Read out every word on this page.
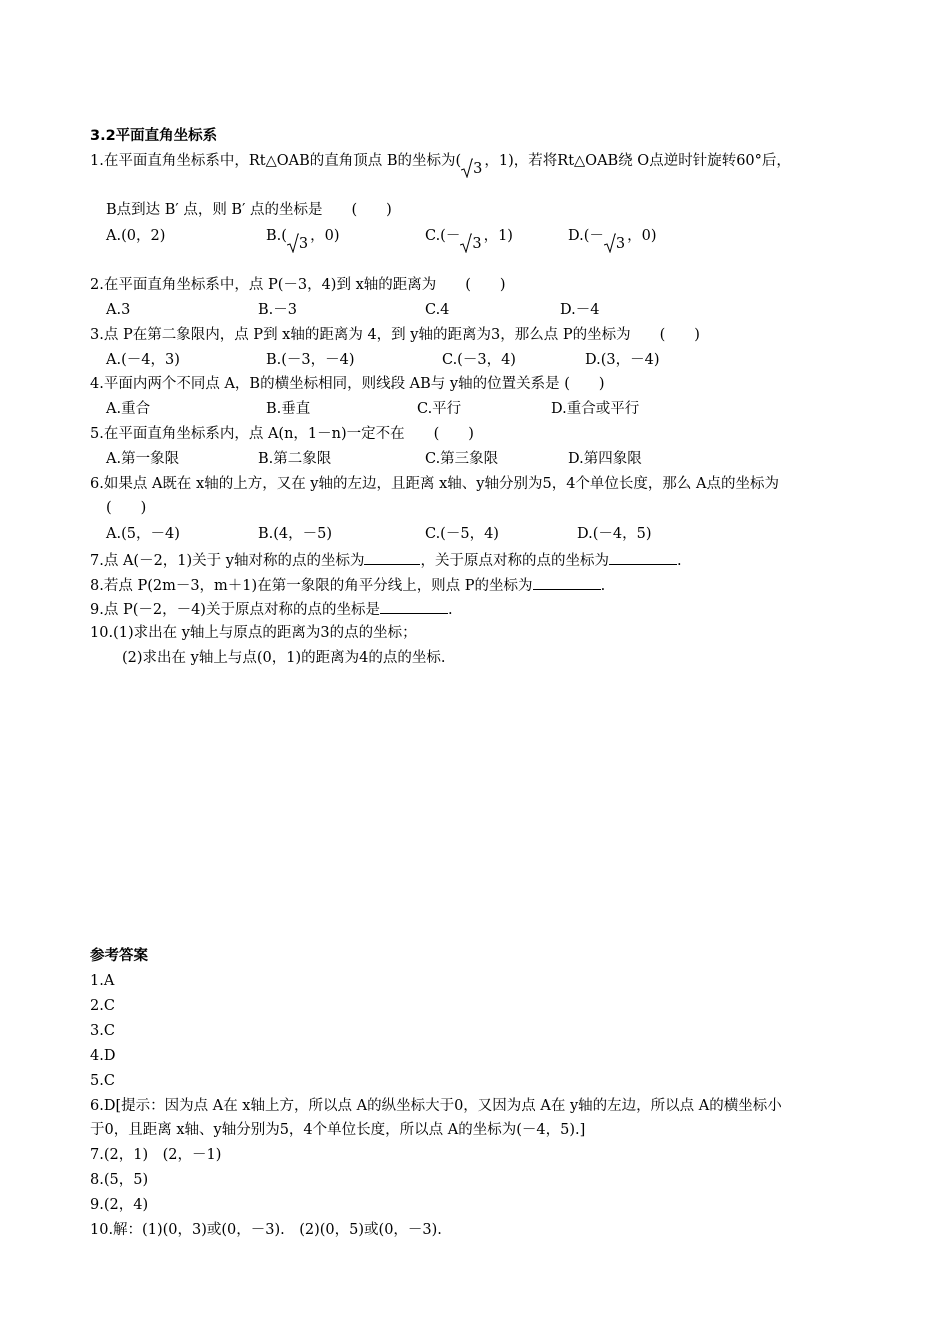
3.2平面直角坐标系
1.在平面直角坐标系中，Rt△OAB的直角顶点 B的坐标为( 3 ，1)，若将Rt△OAB绕 O点逆时针旋转60°后，
B点到达 B′ 点，则 B′ 点的坐标是　　(　　)
A.(0，2)	B.( 3 ，0)	C.(－ 3 ，1)	D.(－ 3 ，0)
2.在平面直角坐标系中，点 P(－3，4)到 x轴的距离为　　(　　)
A.3	B.－3	C.4	D.－4
3.点 P在第二象限内，点 P到 x轴的距离为 4，到 y轴的距离为3，那么点 P的坐标为　　(　　)
A.(－4，3)	B.(－3，－4)	C.(－3，4)	D.(3，－4)
4.平面内两个不同点 A，B的横坐标相同，则线段 AB与 y轴的位置关系是 (　　)
A.重合	B.垂直	C.平行	D.重合或平行
5.在平面直角坐标系内，点 A(n，1－n)一定不在　　(　　)
A.第一象限	B.第二象限	C.第三象限	D.第四象限
6.如果点 A既在 x轴的上方，又在 y轴的左边，且距离 x轴、y轴分别为5，4个单位长度，那么 A点的坐标为
(　　)
A.(5，－4)	B.(4，－5)	C.(－5，4)	D.(－4，5)
7.点 A(－2，1)关于 y轴对称的点的坐标为	，关于原点对称的点的坐标为	.
8.若点 P(2m－3，m＋1)在第一象限的角平分线上，则点 P的坐标为	.
9.点 P(－2，－4)关于原点对称的点的坐标是	.
10.(1)求出在 y轴上与原点的距离为3的点的坐标；
(2)求出在 y轴上与点(0，1)的距离为4的点的坐标.
参考答案
1.A
2.C
3.C
4.D
5.C
6.D[提示：因为点 A在 x轴上方，所以点 A的纵坐标大于0，又因为点 A在 y轴的左边，所以点 A的横坐标小
于0，且距离 x轴、y轴分别为5，4个单位长度，所以点 A的坐标为(－4，5).]
7.(2，1)　(2，－1)
8.(5，5)
9.(2，4)
10.解：(1)(0，3)或(0，－3).　(2)(0，5)或(0，－3).
